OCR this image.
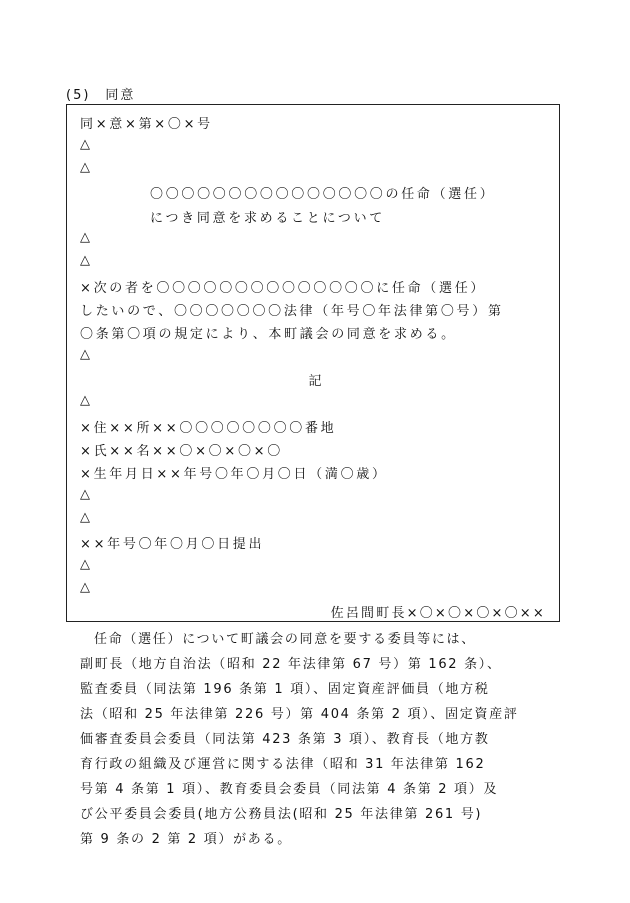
(5)　同意
同×意×第×〇×号
△
△
〇〇〇〇〇〇〇〇〇〇〇〇〇〇〇の任命（選任）
につき同意を求めることについて
△
△
×次の者を〇〇〇〇〇〇〇〇〇〇〇〇〇〇に任命（選任）
したいので、〇〇〇〇〇〇〇法律（年号〇年法律第〇号）第
〇条第〇項の規定により、本町議会の同意を求める。
△
記
△
×住××所××〇〇〇〇〇〇〇〇番地
×氏××名××〇×〇×〇×〇
×生年月日××年号〇年〇月〇日（満〇歳）
△
△
××年号〇年〇月〇日提出
△
△
佐呂間町長×〇×〇×〇×〇××
任命（選任）について町議会の同意を要する委員等には、
副町長（地方自治法（昭和 22 年法律第 67 号）第 162 条）、
監査委員（同法第 196 条第 1 項）、固定資産評価員（地方税
法（昭和 25 年法律第 226 号）第 404 条第 2 項）、固定資産評
価審査委員会委員（同法第 423 条第 3 項）、教育長（地方教
育行政の組織及び運営に関する法律（昭和 31 年法律第 162
号第 4 条第 1 項）、教育委員会委員（同法第 4 条第 2 項）及
び公平委員会委員(地方公務員法(昭和 25 年法律第 261 号)
第 9 条の 2 第 2 項）がある。
